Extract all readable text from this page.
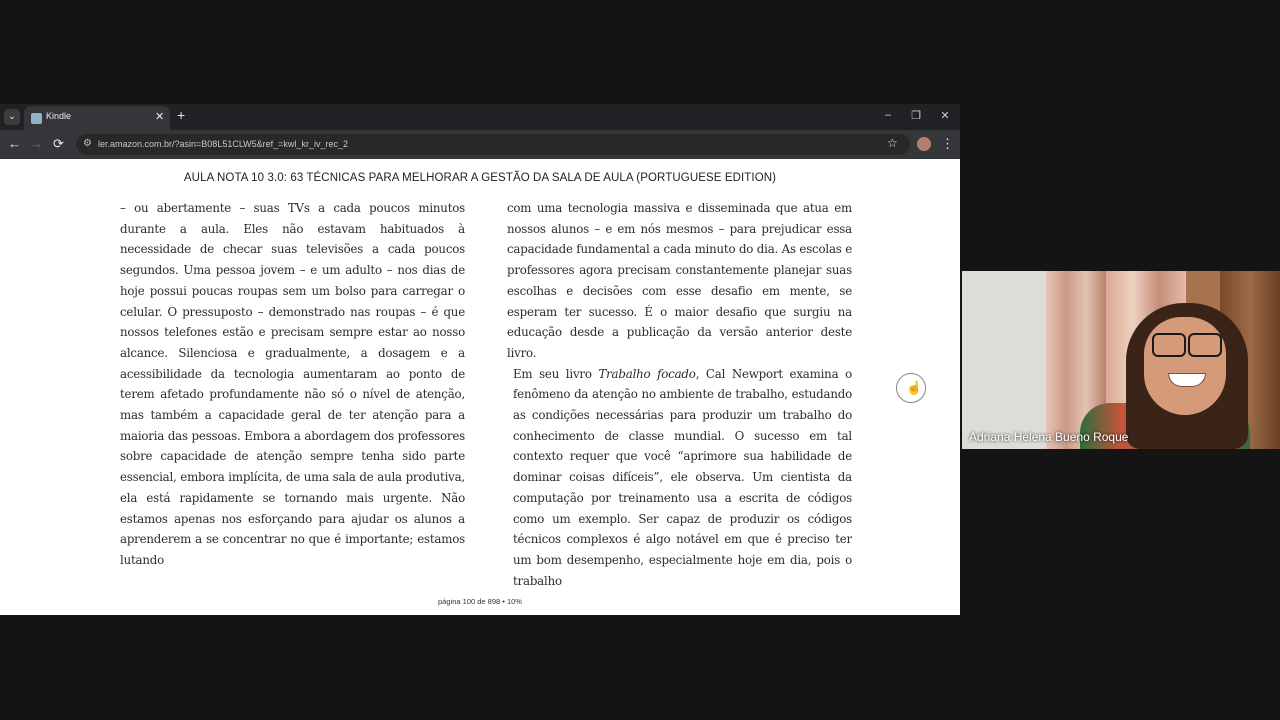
⌄	Kindle	✕ +	–	❐	✕
← → ⟳ ⚙ ler.amazon.com.br/?asin=B08L51CLW5&ref_=kwl_kr_iv_rec_2	☆	⋮
AULA NOTA 10 3.0: 63 TÉCNICAS PARA MELHORAR A GESTÃO DA SALA DE AULA (PORTUGUESE EDITION)

– ou abertamente – suas TVs a cada poucos minutos durante a aula. Eles não estavam habituados à necessidade de checar suas televisões a cada poucos segundos. Uma pessoa jovem – e um adulto – nos dias de hoje possui poucas roupas sem um bolso para carregar o celular. O pressuposto – demonstrado nas roupas – é que nossos telefones estão e precisam sempre estar ao nosso alcance. Silenciosa e gradualmente, a dosagem e a acessibilidade da tecnologia aumentaram ao ponto de terem afetado profundamente não só o nível de atenção, mas também a capacidade geral de ter atenção para a maioria das pessoas. Embora a abordagem dos professores sobre capacidade de atenção sempre tenha sido parte essencial, embora implícita, de uma sala de aula produtiva, ela está rapidamente se tornando mais urgente. Não estamos apenas nos esforçando para ajudar os alunos a aprenderem a se concentrar no que é importante; estamos lutando

com uma tecnologia massiva e disseminada que atua em nossos alunos – e em nós mesmos – para prejudicar essa capacidade fundamental a cada minuto do dia. As escolas e professores agora precisam constantemente planejar suas escolhas e decisões com esse desafio em mente, se esperam ter sucesso. É o maior desafio que surgiu na educação desde a publicação da versão anterior deste livro.

Em seu livro Trabalho focado, Cal Newport examina o fenômeno da atenção no ambiente de trabalho, estudando as condições necessárias para produzir um trabalho do conhecimento de classe mundial. O sucesso em tal contexto requer que você “aprimore sua habilidade de dominar coisas difíceis”, ele observa. Um cientista da computação por treinamento usa a escrita de códigos como um exemplo. Ser capaz de produzir os códigos técnicos complexos é algo notável em que é preciso ter um bom desempenho, especialmente hoje em dia, pois o trabalho

☝
página 100 de 898 • 10%
Adriana Helena Bueno Roque
